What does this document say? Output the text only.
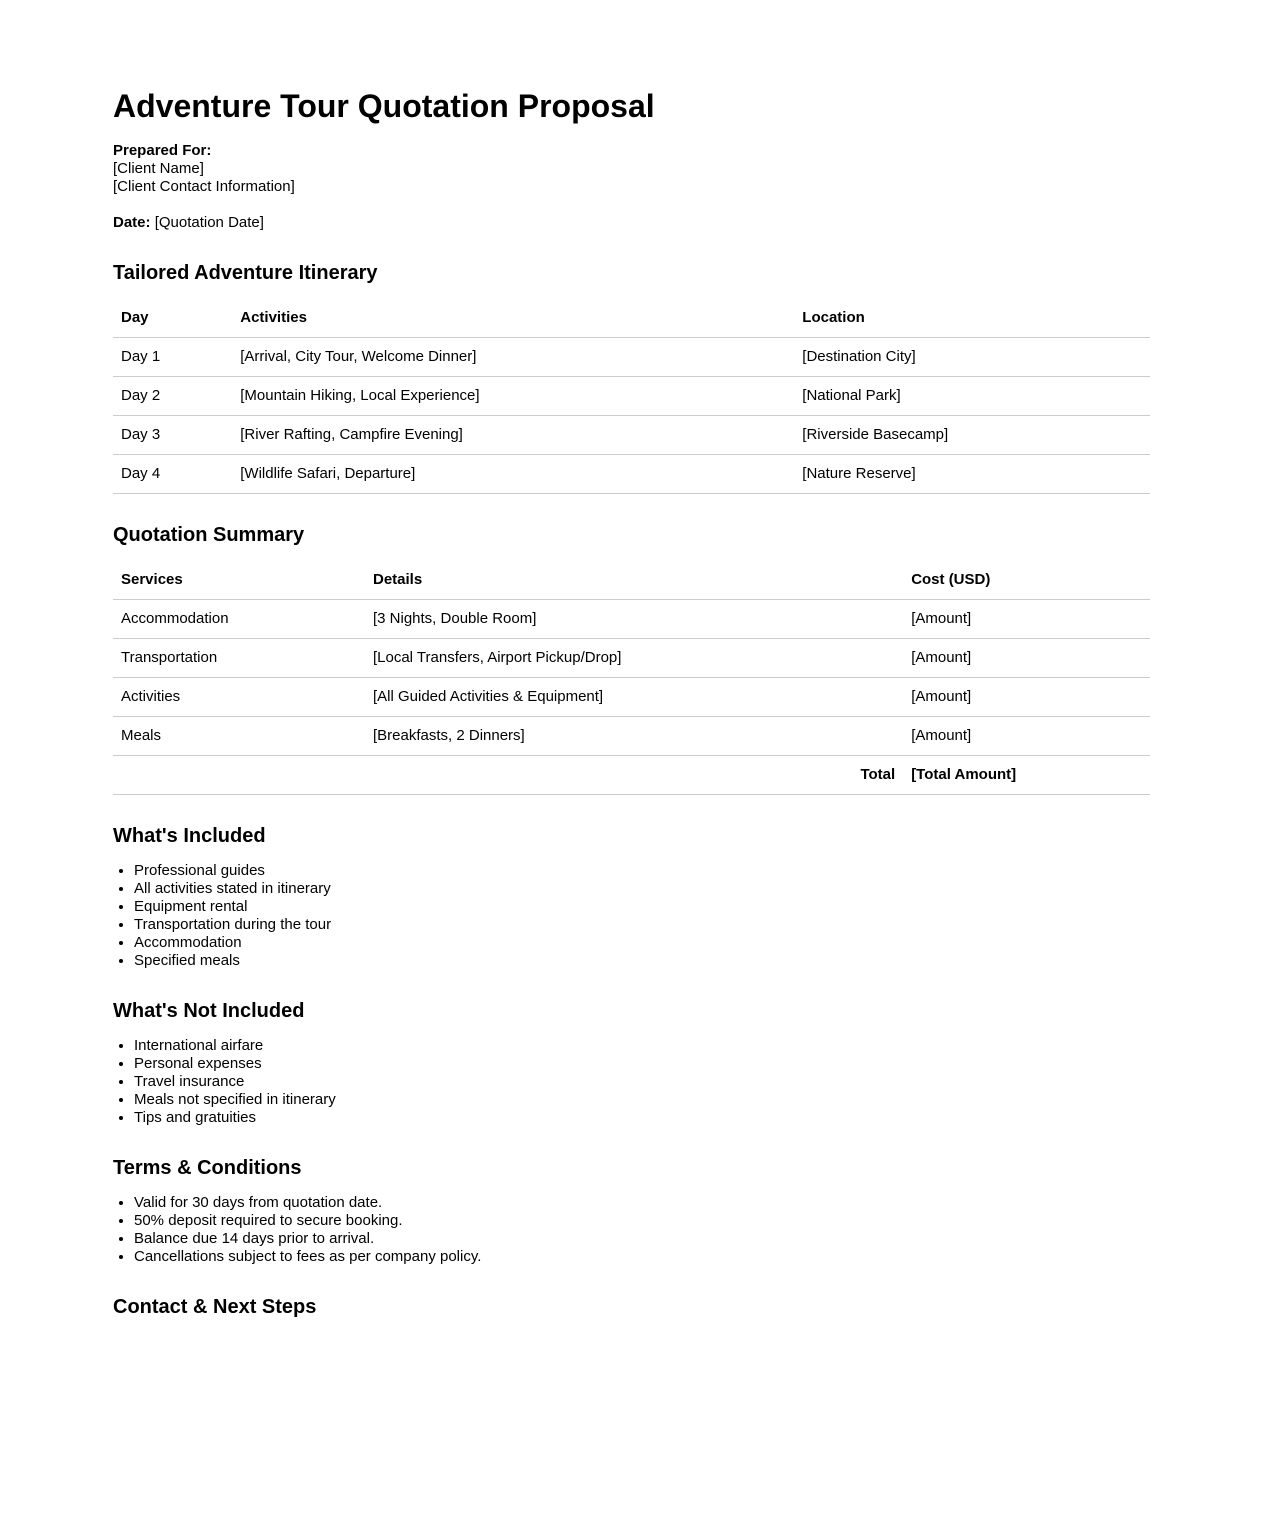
Adventure Tour Quotation Proposal

Prepared For:
[Client Name]
[Client Contact Information]

Date: [Quotation Date]

Tailored Adventure Itinerary
Day	Activities	Location
Day 1	[Arrival, City Tour, Welcome Dinner]	[Destination City]
Day 2	[Mountain Hiking, Local Experience]	[National Park]
Day 3	[River Rafting, Campfire Evening]	[Riverside Basecamp]
Day 4	[Wildlife Safari, Departure]	[Nature Reserve]
Quotation Summary
Services	Details	Cost (USD)
Accommodation	[3 Nights, Double Room]	[Amount]
Transportation	[Local Transfers, Airport Pickup/Drop]	[Amount]
Activities	[All Guided Activities & Equipment]	[Amount]
Meals	[Breakfasts, 2 Dinners]	[Amount]
	Total	[Total Amount]
What's Included
• Professional guides
• All activities stated in itinerary
• Equipment rental
• Transportation during the tour
• Accommodation
• Specified meals
What's Not Included
• International airfare
• Personal expenses
• Travel insurance
• Meals not specified in itinerary
• Tips and gratuities
Terms & Conditions
• Valid for 30 days from quotation date.
• 50% deposit required to secure booking.
• Balance due 14 days prior to arrival.
• Cancellations subject to fees as per company policy.
Contact & Next Steps
